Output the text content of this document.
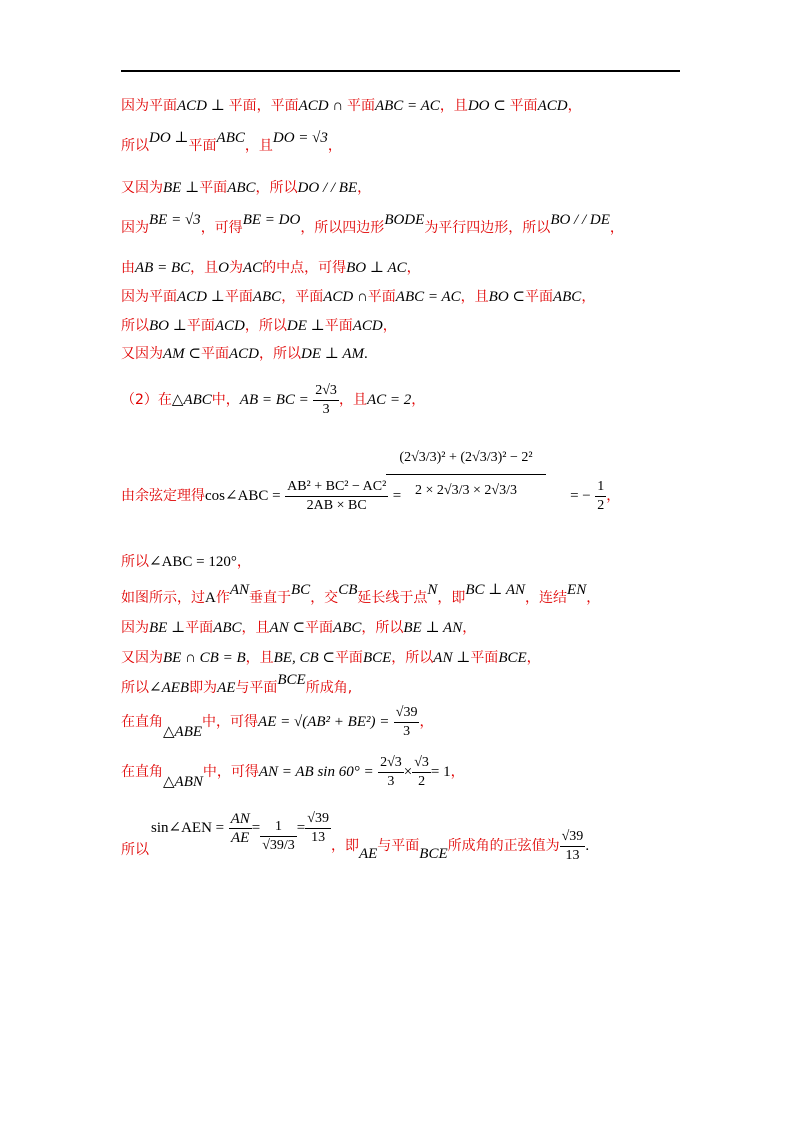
因为平面ACD ⊥ 平面，平面ACD ∩ 平面ABC = AC，且DO ⊂ 平面ACD，
所以DO ⊥平面ABC，且DO = √3，
又因为BE ⊥平面ABC，所以DO / / BE，
因为BE = √3，可得BE = DO，所以四边形BODE为平行四边形，所以BO / / DE，
由AB = BC，且O为AC的中点，可得BO ⊥ AC，
因为平面ACD ⊥平面ABC，平面ACD ∩平面ABC = AC，且BO ⊂平面ABC，
所以BO ⊥平面ACD，所以DE ⊥平面ACD，
又因为AM ⊂平面ACD，所以DE ⊥ AM.
（2）在△ABC中，AB = BC = $\frac{2√3}{3}$ ，且AC = 2，
由余弦定理得cos∠ABC = $\frac{\text{AB² + BC² − AC²}}{2AB \times BC}$ =	= − $\frac{1}{2}$ ，
$\frac{\text{(2√3/3)² + (2√3/3)² − 2²}}{2 \times 2√3/3 \times 2√3/3}$
所以∠ABC = 120°，
如图所示，过A作AN垂直于BC，交CB延长线于点N，即BC ⊥ AN，连结EN，
因为BE ⊥平面ABC，且AN ⊂平面ABC，所以BE ⊥ AN，
又因为BE ∩ CB = B，且BE, CB ⊂平面BCE，所以AN ⊥平面BCE，
所以∠AEB即为AE与平面BCE所成角,
在直角△ABE中，可得AE = $√(AB^2 + BE^2) = \frac{√39}{3}$ ，
在直角△ABN中，可得AN = AB $\sin 60^\circ = \frac{2√3}{3} \times \frac{√3}{2} = 1$，
所以sin∠AEN = $\frac{AN}{AE} = \frac{1}{√39/3} = \frac{√39}{13}$ ，即AE与平面BCE所成角的正弦值为 $\frac{√39}{13}$ .
